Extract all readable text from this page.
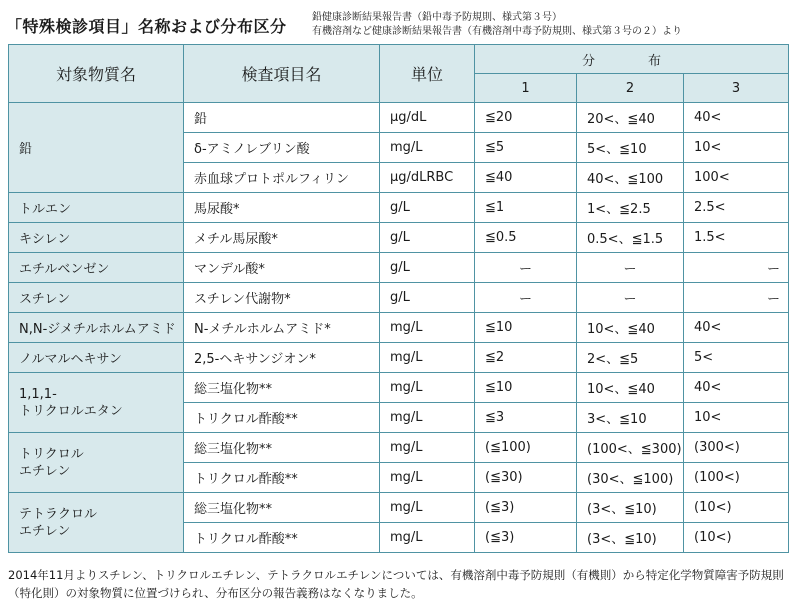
「特殊検診項目」名称および分布区分	鉛健康診断結果報告書（鉛中毒予防規則、様式第３号）
有機溶剤など健康診断結果報告書（有機溶剤中毒予防規則、様式第３号の２）より
対象物質名	検査項目名	単位	分　布		
			1	2	3
鉛	鉛	μg/dL	≦20	20<、≦40	40<
	δ-アミノレブリン酸	mg/L	≦5	5<、≦10	10<
	赤血球プロトポルフィリン	μg/dLRBC	≦40	40<、≦100	100<
トルエン	馬尿酸*	g/L	≦1	1<、≦2.5	2.5<
キシレン	メチル馬尿酸*	g/L	≦0.5	0.5<、≦1.5	1.5<
エチルベンゼン	マンデル酸*	g/L	ー	ー	ー
スチレン	スチレン代謝物*	g/L	ー	ー	ー
N,N-ジメチルホルムアミド	N-メチルホルムアミド*	mg/L	≦10	10<、≦40	40<
ノルマルヘキサン	2,5-ヘキサンジオン*	mg/L	≦2	2<、≦5	5<
1,1,1-
トリクロルエタン	総三塩化物**	mg/L	≦10	10<、≦40	40<
	トリクロル酢酸**	mg/L	≦3	3<、≦10	10<
トリクロル
エチレン	総三塩化物**	mg/L	(≦100)	(100<、≦300)	(300<)
	トリクロル酢酸**	mg/L	(≦30)	(30<、≦100)	(100<)
テトラクロル
エチレン	総三塩化物**	mg/L	(≦3)	(3<、≦10)	(10<)
	トリクロル酢酸**	mg/L	(≦3)	(3<、≦10)	(10<)
2014年11月よりスチレン、トリクロルエチレン、テトラクロルエチレンについては、有機溶剤中毒予防規則（有機則）から特定化学物質障害予防規則（特化則）の対象物質に位置づけられ、分布区分の報告義務はなくなりました。
